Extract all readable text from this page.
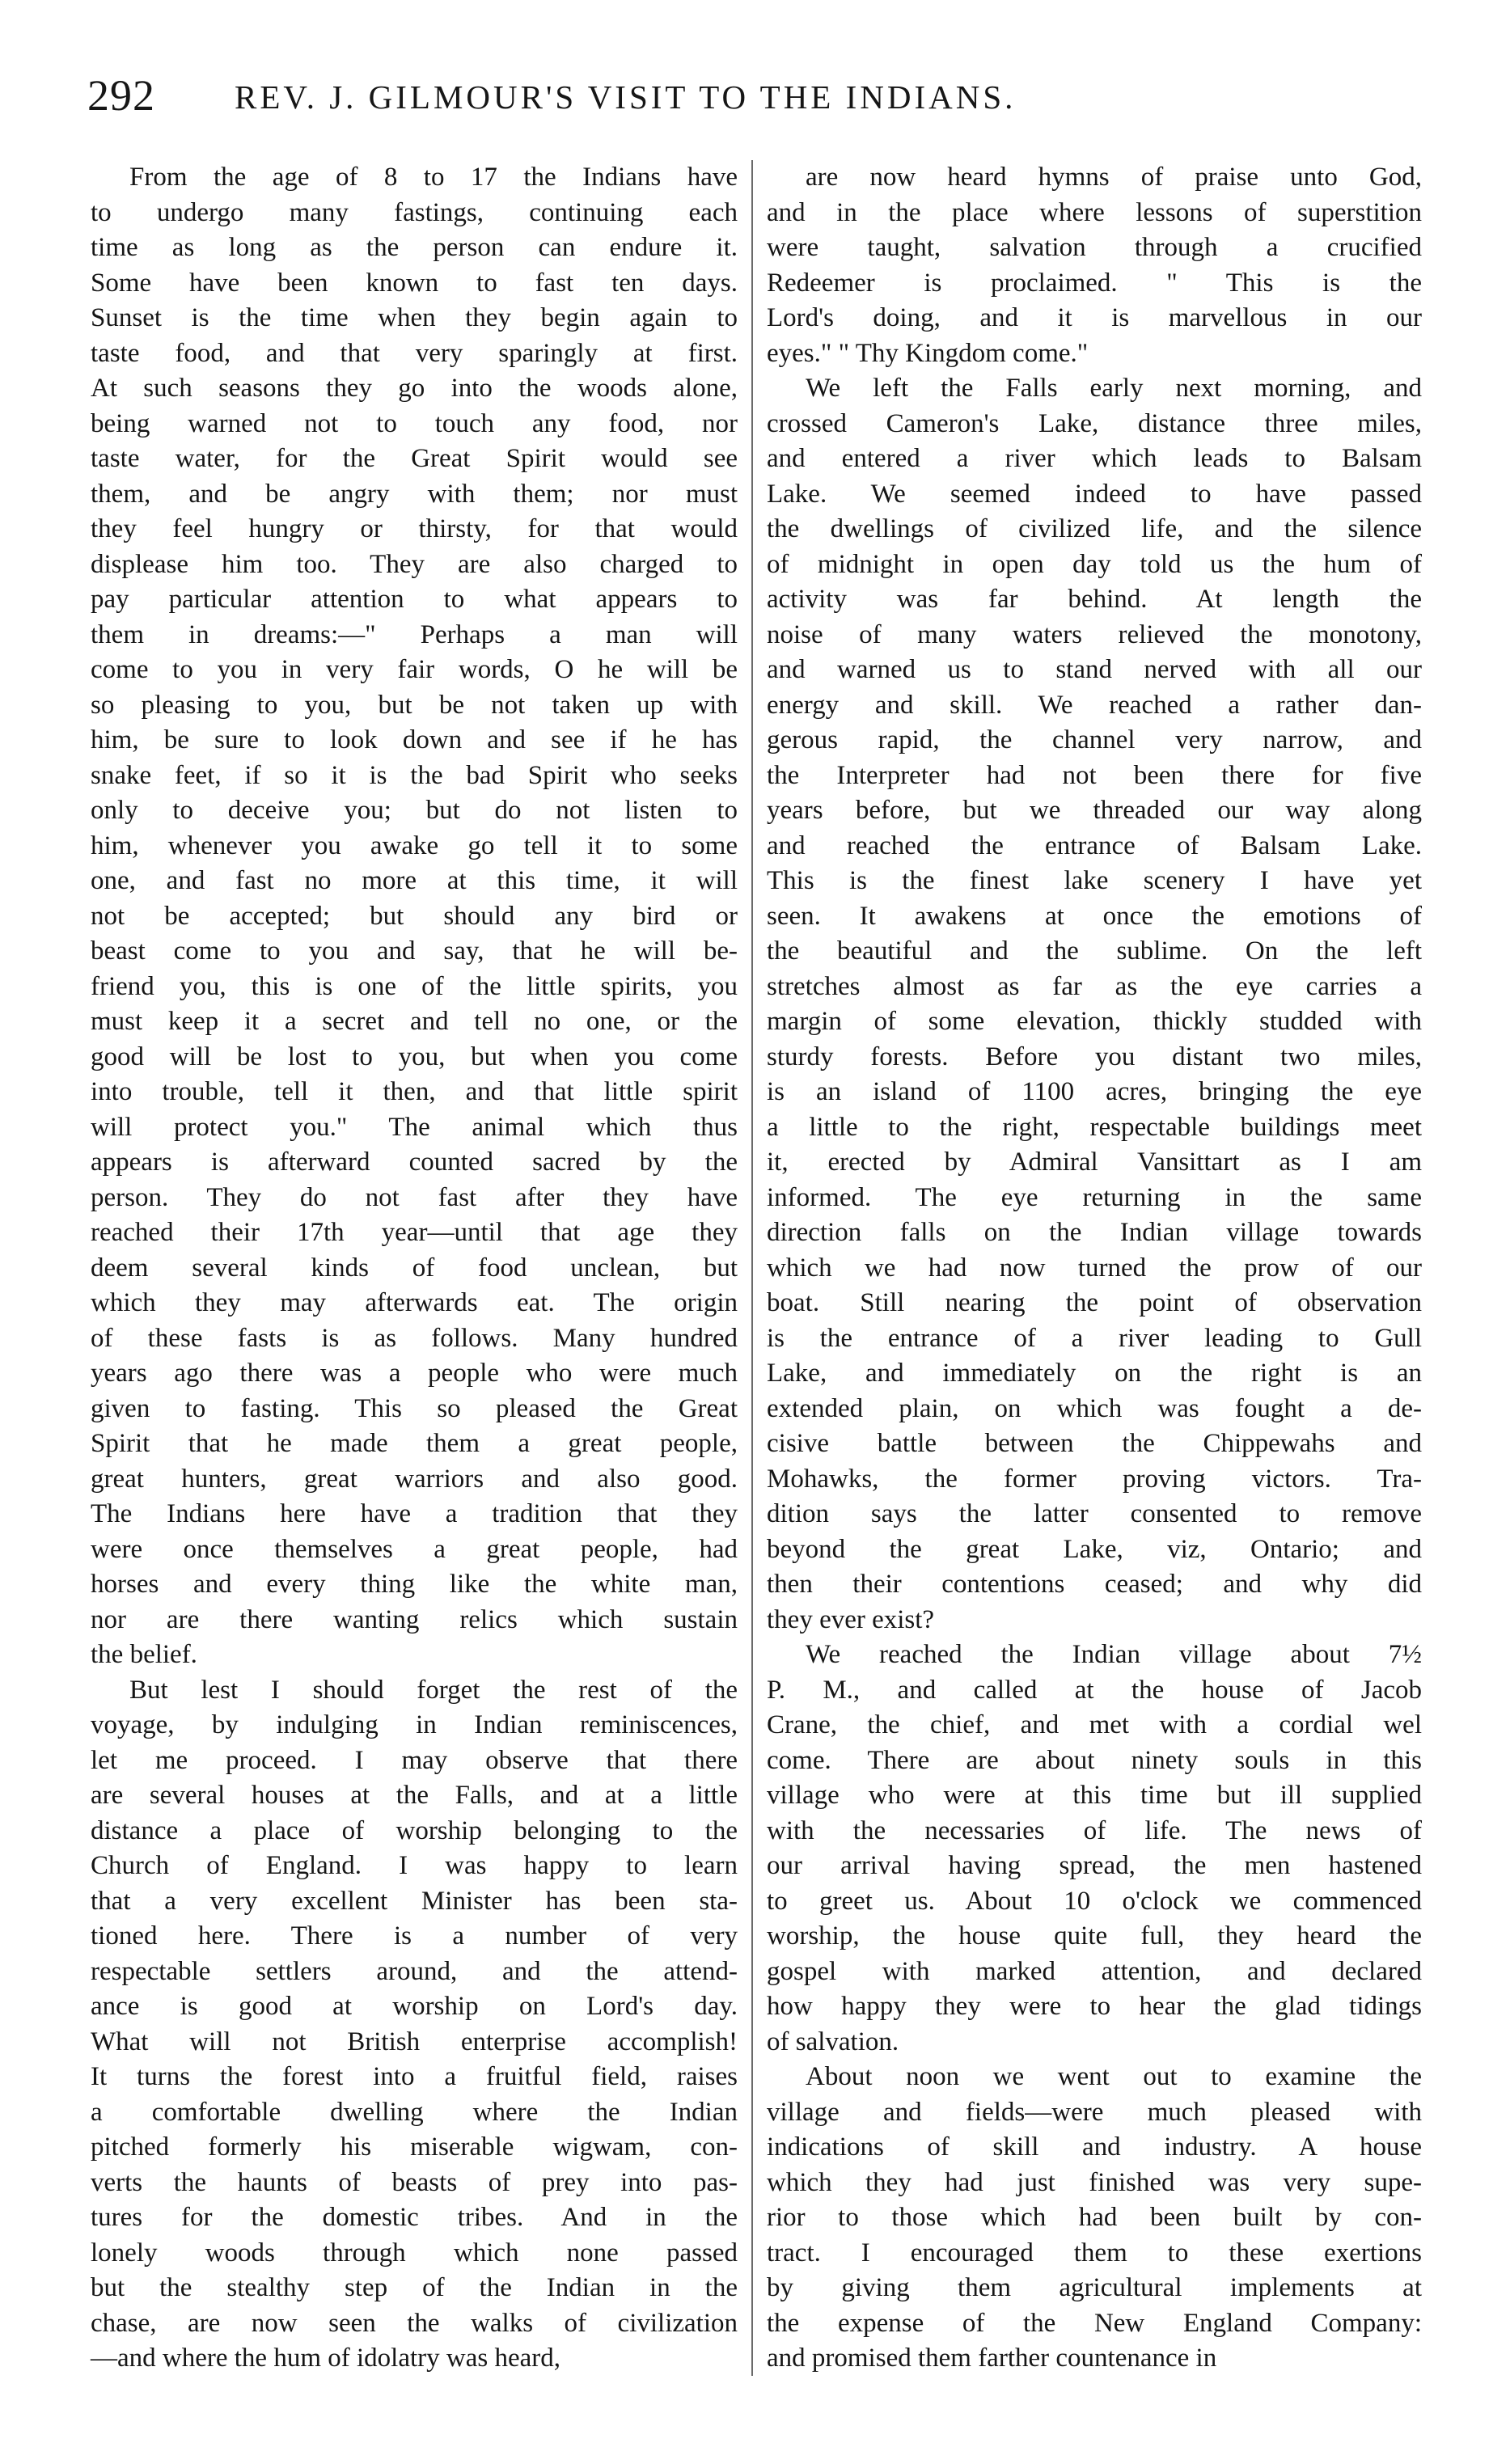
292 REV. J. GILMOUR'S VISIT TO THE INDIANS.
From the age of 8 to 17 the Indians have
to undergo many fastings, continuing each
time as long as the person can endure it.
Some have been known to fast ten days.
Sunset is the time when they begin again to
taste food, and that very sparingly at first.
At such seasons they go into the woods alone,
being warned not to touch any food, nor
taste water, for the Great Spirit would see
them, and be angry with them; nor must
they feel hungry or thirsty, for that would
displease him too. They are also charged to
pay particular attention to what appears to
them in dreams:—" Perhaps a man will
come to you in very fair words, O he will be
so pleasing to you, but be not taken up with
him, be sure to look down and see if he has
snake feet, if so it is the bad Spirit who seeks
only to deceive you; but do not listen to
him, whenever you awake go tell it to some
one, and fast no more at this time, it will
not be accepted; but should any bird or
beast come to you and say, that he will be-
friend you, this is one of the little spirits, you
must keep it a secret and tell no one, or the
good will be lost to you, but when you come
into trouble, tell it then, and that little spirit
will protect you." The animal which thus
appears is afterward counted sacred by the
person. They do not fast after they have
reached their 17th year—until that age they
deem several kinds of food unclean, but
which they may afterwards eat. The origin
of these fasts is as follows. Many hundred
years ago there was a people who were much
given to fasting. This so pleased the Great
Spirit that he made them a great people,
great hunters, great warriors and also good.
The Indians here have a tradition that they
were once themselves a great people, had
horses and every thing like the white man,
nor are there wanting relics which sustain
the belief.
But lest I should forget the rest of the
voyage, by indulging in Indian reminiscences,
let me proceed. I may observe that there
are several houses at the Falls, and at a little
distance a place of worship belonging to the
Church of England. I was happy to learn
that a very excellent Minister has been sta-
tioned here. There is a number of very
respectable settlers around, and the attend-
ance is good at worship on Lord's day.
What will not British enterprise accomplish!
It turns the forest into a fruitful field, raises
a comfortable dwelling where the Indian
pitched formerly his miserable wigwam, con-
verts the haunts of beasts of prey into pas-
tures for the domestic tribes. And in the
lonely woods through which none passed
but the stealthy step of the Indian in the
chase, are now seen the walks of civilization
—and where the hum of idolatry was heard,
are now heard hymns of praise unto God,
and in the place where lessons of superstition
were taught, salvation through a crucified
Redeemer is proclaimed. " This is the
Lord's doing, and it is marvellous in our
eyes." " Thy Kingdom come."
We left the Falls early next morning, and
crossed Cameron's Lake, distance three miles,
and entered a river which leads to Balsam
Lake. We seemed indeed to have passed
the dwellings of civilized life, and the silence
of midnight in open day told us the hum of
activity was far behind. At length the
noise of many waters relieved the monotony,
and warned us to stand nerved with all our
energy and skill. We reached a rather dan-
gerous rapid, the channel very narrow, and
the Interpreter had not been there for five
years before, but we threaded our way along
and reached the entrance of Balsam Lake.
This is the finest lake scenery I have yet
seen. It awakens at once the emotions of
the beautiful and the sublime. On the left
stretches almost as far as the eye carries a
margin of some elevation, thickly studded with
sturdy forests. Before you distant two miles,
is an island of 1100 acres, bringing the eye
a little to the right, respectable buildings meet
it, erected by Admiral Vansittart as I am
informed. The eye returning in the same
direction falls on the Indian village towards
which we had now turned the prow of our
boat. Still nearing the point of observation
is the entrance of a river leading to Gull
Lake, and immediately on the right is an
extended plain, on which was fought a de-
cisive battle between the Chippewahs and
Mohawks, the former proving victors. Tra-
dition says the latter consented to remove
beyond the great Lake, viz, Ontario; and
then their contentions ceased; and why did
they ever exist?
We reached the Indian village about 7½
P. M., and called at the house of Jacob
Crane, the chief, and met with a cordial wel
come. There are about ninety souls in this
village who were at this time but ill supplied
with the necessaries of life. The news of
our arrival having spread, the men hastened
to greet us. About 10 o'clock we commenced
worship, the house quite full, they heard the
gospel with marked attention, and declared
how happy they were to hear the glad tidings
of salvation.
About noon we went out to examine the
village and fields—were much pleased with
indications of skill and industry. A house
which they had just finished was very supe-
rior to those which had been built by con-
tract. I encouraged them to these exertions
by giving them agricultural implements at
the expense of the New England Company:
and promised them farther countenance in
